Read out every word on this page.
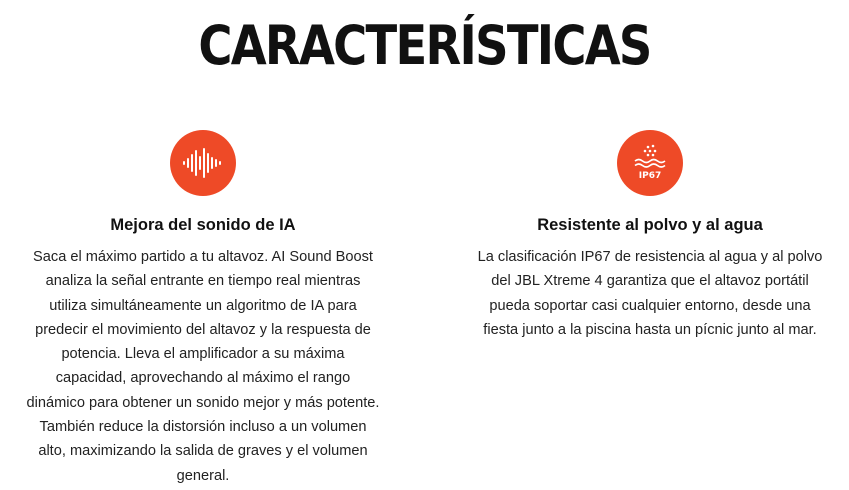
CARACTERÍSTICAS
Mejora del sonido de IA

Saca el máximo partido a tu altavoz. AI Sound Boost analiza la señal entrante en tiempo real mientras utiliza simultáneamente un algoritmo de IA para predecir el movimiento del altavoz y la respuesta de potencia. Lleva el amplificador a su máxima capacidad, aprovechando al máximo el rango dinámico para obtener un sonido mejor y más potente. También reduce la distorsión incluso a un volumen alto, maximizando la salida de graves y el volumen general.

IP67
Resistente al polvo y al agua

La clasificación IP67 de resistencia al agua y al polvo del JBL Xtreme 4 garantiza que el altavoz portátil pueda soportar casi cualquier entorno, desde una fiesta junto a la piscina hasta un pícnic junto al mar.
